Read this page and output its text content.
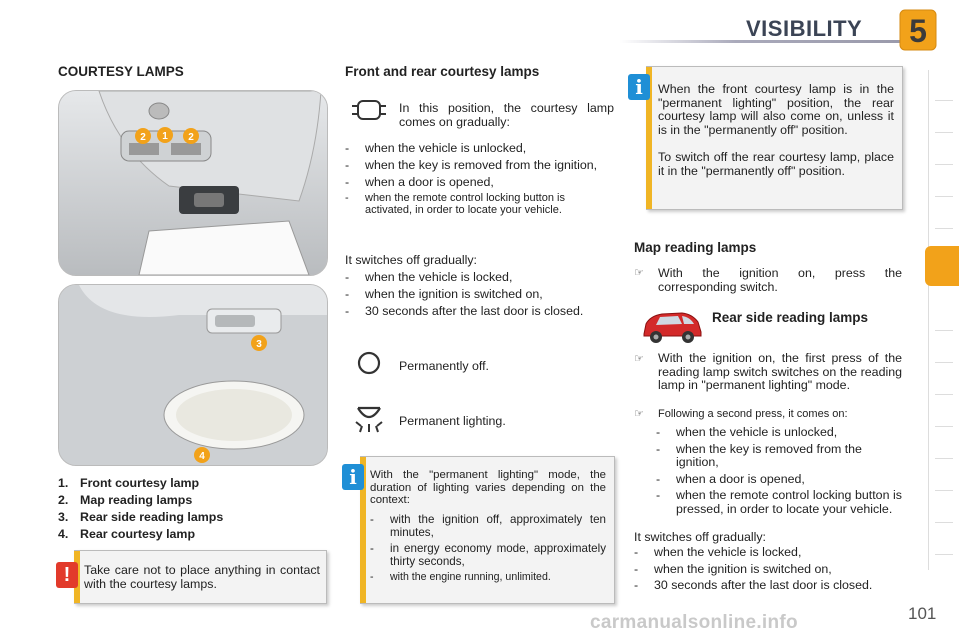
VISIBILITY 5
COURTESY LAMPS
2 1 2
3
4
1. Front courtesy lamp
2. Map reading lamps
3. Rear side reading lamps
4. Rear courtesy lamp
Take care not to place anything in contact with the courtesy lamps.
!
Front and rear courtesy lamps
In this position, the courtesy lamp comes on gradually:
- when the vehicle is unlocked,
- when the key is removed from the ignition,
- when a door is opened,
- when the remote control locking button is activated, in order to locate your vehicle.
It switches off gradually:
- when the vehicle is locked,
- when the ignition is switched on,
- 30 seconds after the last door is closed.
Permanently off.
Permanent lighting.
With the "permanent lighting" mode, the duration of lighting varies depending on the context:
- with the ignition off, approximately ten minutes,
- in energy economy mode, approximately thirty seconds,
- with the engine running, unlimited.
i
When the front courtesy lamp is in the "permanent lighting" position, the rear courtesy lamp will also come on, unless it is in the "permanently off" position.
To switch off the rear courtesy lamp, place it in the "permanently off" position.
i
Map reading lamps
☞	With the ignition on, press the corresponding switch.
Rear side reading lamps
☞	With the ignition on, the first press of the reading lamp switch switches on the reading lamp in "permanent lighting" mode.
☞	Following a second press, it comes on:
- when the vehicle is unlocked,
- when the key is removed from the ignition,
- when a door is opened,
- when the remote control locking button is pressed, in order to locate your vehicle.
It switches off gradually:
- when the vehicle is locked,
- when the ignition is switched on,
- 30 seconds after the last door is closed.
carmanualsonline.info	101
